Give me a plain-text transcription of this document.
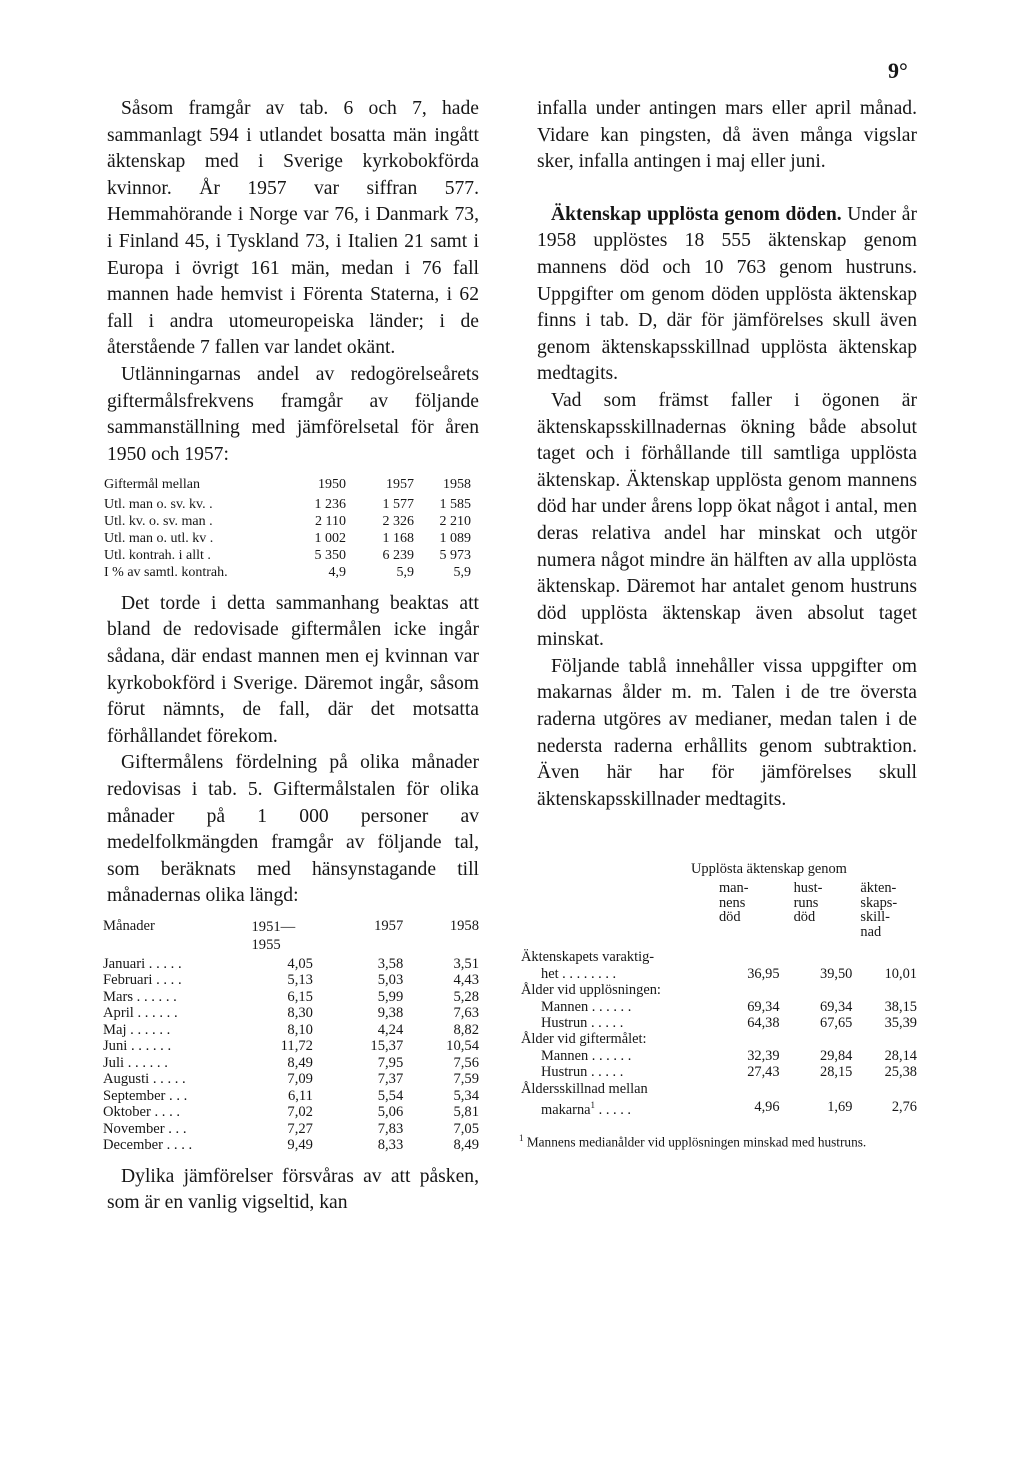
9°

Såsom framgår av tab. 6 och 7, hade sammanlagt 594 i utlandet bosatta män ingått äktenskap med i Sverige kyrkobokförda kvinnor. År 1957 var siffran 577. Hemmahörande i Norge var 76, i Danmark 73, i Finland 45, i Tyskland 73, i Italien 21 samt i Europa i övrigt 161 män, medan i 76 fall mannen hade hemvist i Förenta Staterna, i 62 fall i andra utomeuropeiska länder; i de återstående 7 fallen var landet okänt.

Utlänningarnas andel av redogörelseårets giftermålsfrekvens framgår av följande sammanställning med jämförelsetal för åren 1950 och 1957:

Giftermål mellan	1950	1957	1958
Utl. man o. sv. kv. .	1 236	1 577	1 585
Utl. kv. o. sv. man .	2 110	2 326	2 210
Utl. man o. utl. kv .	1 002	1 168	1 089
Utl. kontrah. i allt .	5 350	6 239	5 973
I % av samtl. kontrah.	4,9	5,9	5,9

Det torde i detta sammanhang beaktas att bland de redovisade giftermålen icke ingår sådana, där endast mannen men ej kvinnan var kyrkobokförd i Sverige. Däremot ingår, såsom förut nämnts, de fall, där det motsatta förhållandet förekom.

Giftermålens fördelning på olika månader redovisas i tab. 5. Giftermålstalen för olika månader på 1 000 personer av medelfolkmängden framgår av följande tal, som beräknats med hänsynstagande till månadernas olika längd:

Månader	1951—
1955	1957	1958
Januari . . . . .	4,05	3,58	3,51
Februari . . . .	5,13	5,03	4,43
Mars . . . . . .	6,15	5,99	5,28
April . . . . . .	8,30	9,38	7,63
Maj . . . . . .	8,10	4,24	8,82
Juni . . . . . .	11,72	15,37	10,54
Juli . . . . . .	8,49	7,95	7,56
Augusti . . . . .	7,09	7,37	7,59
September . . .	6,11	5,54	5,34
Oktober . . . .	7,02	5,06	5,81
November . . .	7,27	7,83	7,05
December . . . .	9,49	8,33	8,49

Dylika jämförelser försvåras av att påsken, som är en vanlig vigseltid, kan

infalla under antingen mars eller april månad. Vidare kan pingsten, då även många vigslar sker, infalla antingen i maj eller juni.

Äktenskap upplösta genom döden. Under år 1958 upplöstes 18 555 äktenskap genom mannens död och 10 763 genom hustruns. Uppgifter om genom döden upplösta äktenskap finns i tab. D, där för jämförelses skull även genom äktenskapsskillnad upplösta äktenskap medtagits.

Vad som främst faller i ögonen är äktenskapsskillnadernas ökning både absolut taget och i förhållande till samtliga upplösta äktenskap. Äktenskap upplösta genom mannens död har under årens lopp ökat något i antal, men deras relativa andel har minskat och utgör numera något mindre än hälften av alla upplösta äktenskap. Däremot har antalet genom hustruns död upplösta äktenskap även absolut taget minskat.

Följande tablå innehåller vissa uppgifter om makarnas ålder m. m. Talen i de tre översta raderna utgöres av medianer, medan talen i de nedersta raderna erhållits genom subtraktion. Även här har för jämförelses skull äktenskapsskillnader medtagits.

Upplösta äktenskap genom
	man-
nens
död	hust-
runs
död	äkten-
skaps-
skill-
nad
Äktenskapets varaktig-			
het . . . . . . . .	36,95	39,50	10,01
Ålder vid upplösningen:			
Mannen . . . . . .	69,34	69,34	38,15
Hustrun . . . . .	64,38	67,65	35,39
Ålder vid giftermålet:			
Mannen . . . . . .	32,39	29,84	28,14
Hustrun . . . . .	27,43	28,15	25,38
Åldersskillnad mellan			
makarna$^1$ . . . . .	4,96	1,69	2,76

$^1$ Mannens medianålder vid upplösningen minskad med hustruns.
